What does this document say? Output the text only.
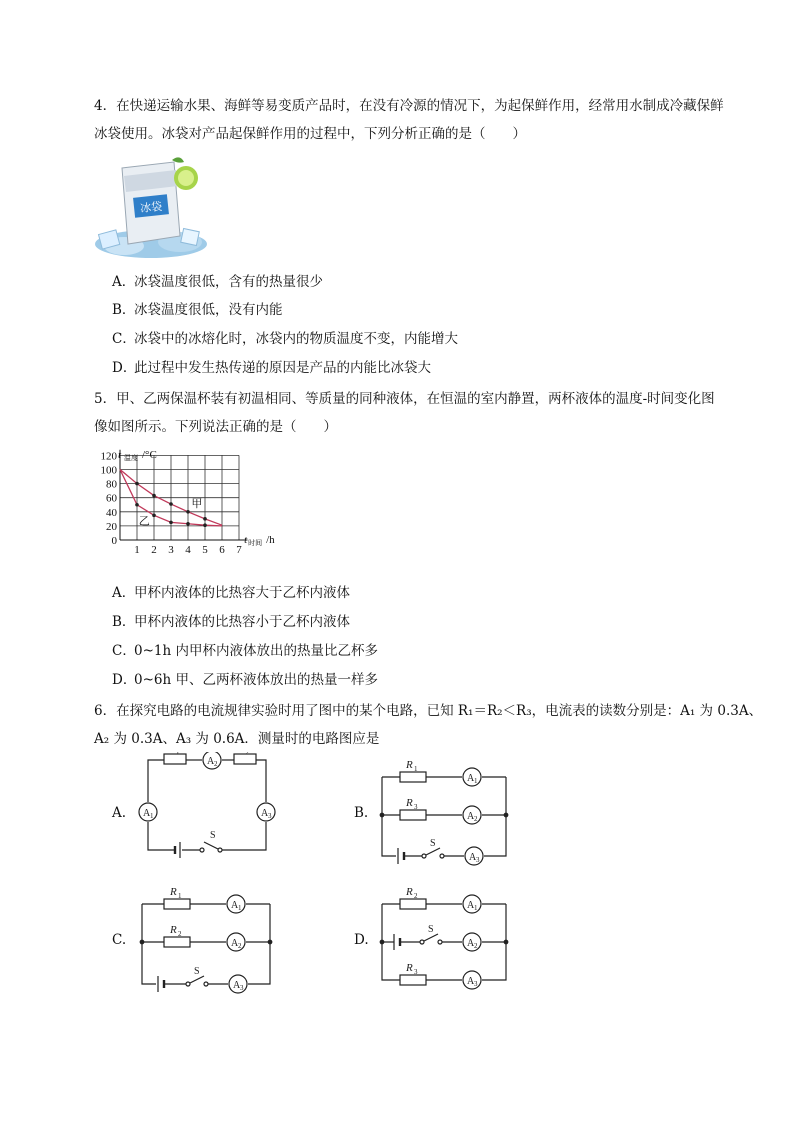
4．在快递运输水果、海鲜等易变质产品时，在没有冷源的情况下，为起保鲜作用，经常用水制成冷藏保鲜
冰袋使用。冰袋对产品起保鲜作用的过程中，下列分析正确的是（　　）
冰袋
A．冰袋温度很低，含有的热量很少
B．冰袋温度很低，没有内能
C．冰袋中的冰熔化时，冰袋内的物质温度不变，内能增大
D．此过程中发生热传递的原因是产品的内能比冰袋大
5．甲、乙两保温杯装有初温相同、等质量的同种液体，在恒温的室内静置，两杯液体的温度-时间变化图
像如图所示。下列说法正确的是（　　）
1 2 3 4 5 6 7
0
20
40
60
80
100
120 t 温度 /°C
t 时间 /h
甲
乙
A．甲杯内液体的比热容大于乙杯内液体
B．甲杯内液体的比热容小于乙杯内液体
C．0~1h 内甲杯内液体放出的热量比乙杯多
D．0~6h 甲、乙两杯液体放出的热量一样多
6．在探究电路的电流规律实验时用了图中的某个电路，已知 R₁＝R₂＜R₃，电流表的读数分别是：A₁ 为 0.3A、
A₂ 为 0.3A、A₃ 为 0.6A．测量时的电路图应是
A.
1	2
A 2
A 3
A 1
S
B.
R 1
R 3
A 1
A 2
A 3
S
C.
R 1
R 2
A 1
A 2
A 3
S
D.
R 2
R 3
A 1
A 2
A 3
S
